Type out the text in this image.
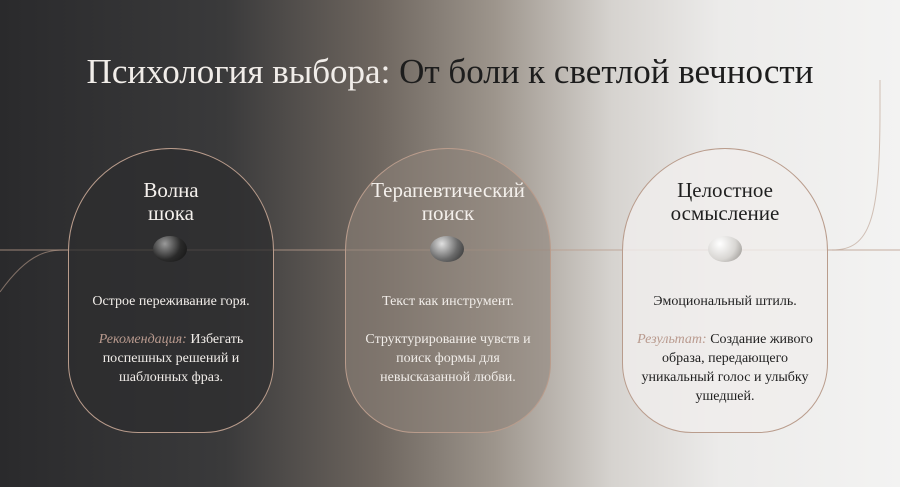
Психология выбора: От боли к светлой вечности
Волна
шока

Острое переживание горя.

Рекомендация: Избегать поспешных решений и шаблонных фраз.
Терапевтический
поиск

Текст как инструмент.

Структурирование чувств и поиск формы для невысказанной любви.
Целостное
осмысление

Эмоциональный штиль.

Результат: Создание живого образа, передающего уникальный голос и улыбку ушедшей.
